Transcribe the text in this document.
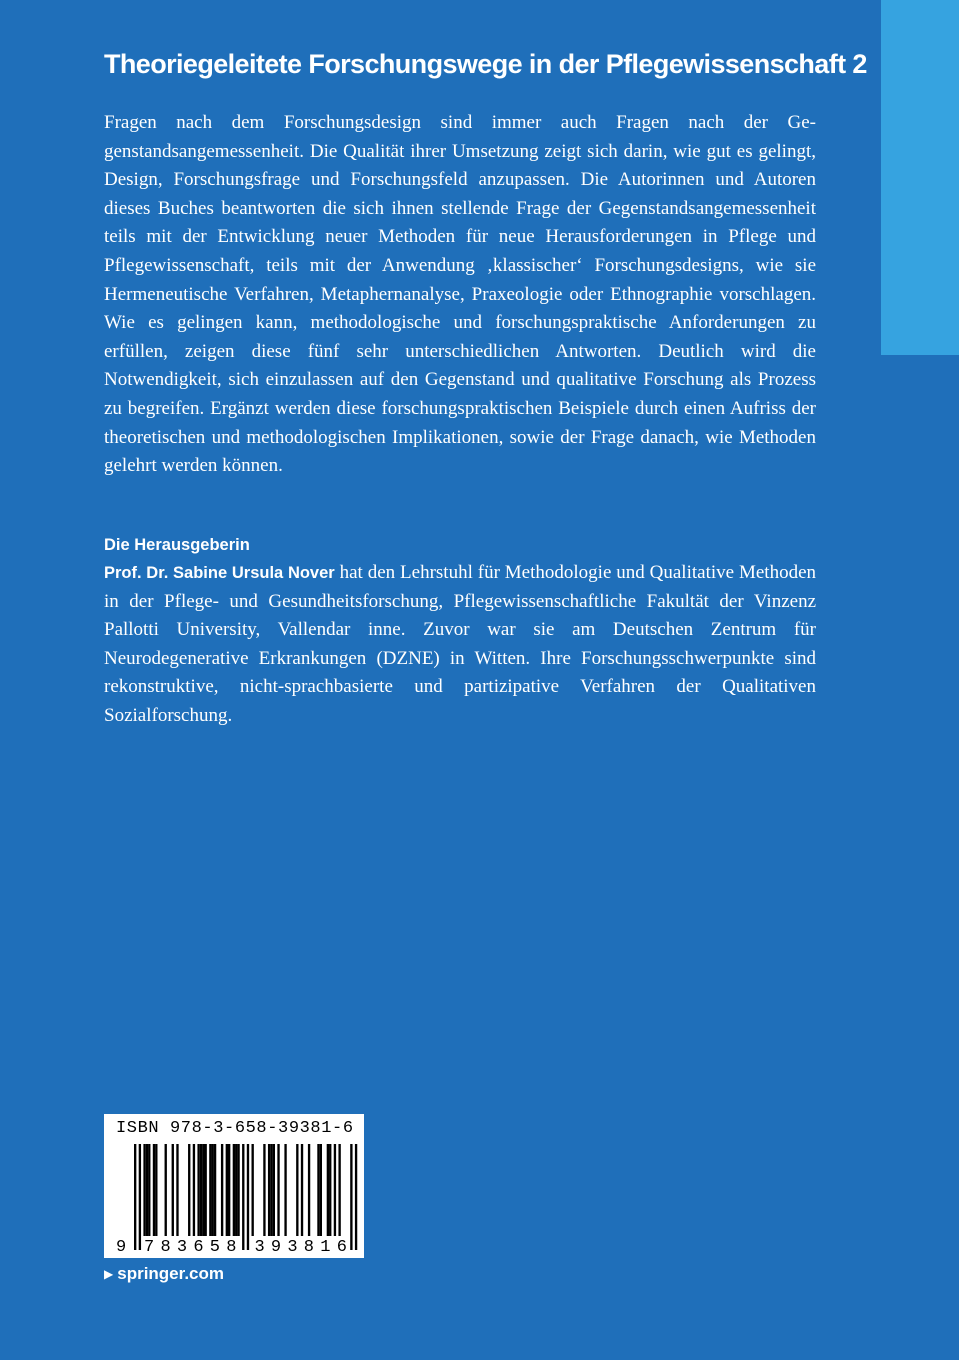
Theoriegeleitete Forschungswege in der Pflegewissenschaft 2

Fragen nach dem Forschungsdesign sind immer auch Fragen nach der Gegenstandsangemessenheit. Die Qualität ihrer Umsetzung zeigt sich darin, wie gut es gelingt, Design, Forschungsfrage und Forschungsfeld anzupassen. Die Autorinnen und Autoren dieses Buches beantworten die sich ihnen stellende Frage der Gegenstandsangemessenheit teils mit der Entwicklung neuer Methoden für neue Herausforderungen in Pflege und Pflegewissenschaft, teils mit der Anwendung ‚klassischer‘ Forschungsdesigns, wie sie Hermeneutische Verfahren, Metaphernanalyse, Praxeologie oder Ethnographie vorschlagen. Wie es gelingen kann, methodologische und forschungspraktische Anforderungen zu erfüllen, zeigen diese fünf sehr unterschiedlichen Antworten. Deutlich wird die Notwendigkeit, sich einzulassen auf den Gegenstand und qualitative Forschung als Prozess zu begreifen. Ergänzt werden diese forschungspraktischen Beispiele durch einen Aufriss der theoretischen und methodologischen Implikationen, sowie der Frage danach, wie Methoden gelehrt werden können.

Die Herausgeberin

Prof. Dr. Sabine Ursula Nover hat den Lehrstuhl für Methodologie und Qualitative Methoden in der Pflege- und Gesundheitsforschung, Pflegewissenschaftliche Fakultät der Vinzenz Pallotti University, Vallendar inne. Zuvor war sie am Deutschen Zentrum für Neurodegenerative Erkrankungen (DZNE) in Witten. Ihre Forschungsschwerpunkte sind rekonstruktive, nicht-sprachbasierte und partizipative Verfahren der Qualitativen Sozialforschung.

ISBN 978-3-658-39381-6
9 7 8 3 6 5 8 3 9 3 8 1 6
▶ springer.com
